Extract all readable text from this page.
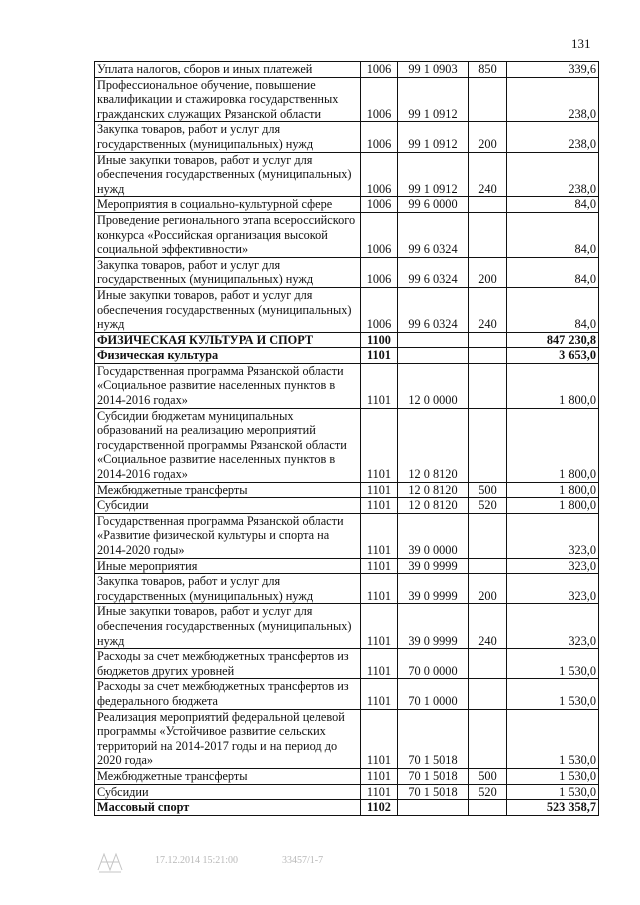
131
Уплата налогов, сборов и иных платежей	1006	99 1 0903	850	339,6
Профессиональное обучение, повышение квалификации и стажировка государственных гражданских служащих Рязанской области	1006	99 1 0912		238,0
Закупка товаров, работ и услуг для государственных (муниципальных) нужд	1006	99 1 0912	200	238,0
Иные закупки товаров, работ и услуг для обеспечения государственных (муниципальных) нужд	1006	99 1 0912	240	238,0
Мероприятия в социально-культурной сфере	1006	99 6 0000		84,0
Проведение регионального этапа всероссийского конкурса «Российская организация высокой социальной эффективности»	1006	99 6 0324		84,0
Закупка товаров, работ и услуг для государственных (муниципальных) нужд	1006	99 6 0324	200	84,0
Иные закупки товаров, работ и услуг для обеспечения государственных (муниципальных) нужд	1006	99 6 0324	240	84,0
ФИЗИЧЕСКАЯ КУЛЬТУРА И СПОРТ	1100			847 230,8
Физическая культура	1101			3 653,0
Государственная программа Рязанской области «Социальное развитие населенных пунктов в 2014-2016 годах»	1101	12 0 0000		1 800,0
Субсидии бюджетам муниципальных образований на реализацию мероприятий государственной программы Рязанской области «Социальное развитие населенных пунктов в 2014-2016 годах»	1101	12 0 8120		1 800,0
Межбюджетные трансферты	1101	12 0 8120	500	1 800,0
Субсидии	1101	12 0 8120	520	1 800,0
Государственная программа Рязанской области «Развитие физической культуры и спорта на 2014-2020 годы»	1101	39 0 0000		323,0
Иные мероприятия	1101	39 0 9999		323,0
Закупка товаров, работ и услуг для государственных (муниципальных) нужд	1101	39 0 9999	200	323,0
Иные закупки товаров, работ и услуг для обеспечения государственных (муниципальных) нужд	1101	39 0 9999	240	323,0
Расходы за счет межбюджетных трансфертов из бюджетов других уровней	1101	70 0 0000		1 530,0
Расходы за счет межбюджетных трансфертов из федерального бюджета	1101	70 1 0000		1 530,0
Реализация мероприятий федеральной целевой программы «Устойчивое развитие сельских территорий на 2014-2017 годы и на период до 2020 года»	1101	70 1 5018		1 530,0
Межбюджетные трансферты	1101	70 1 5018	500	1 530,0
Субсидии	1101	70 1 5018	520	1 530,0
Массовый спорт	1102			523 358,7
17.12.2014 15:21:00	33457/1-7
